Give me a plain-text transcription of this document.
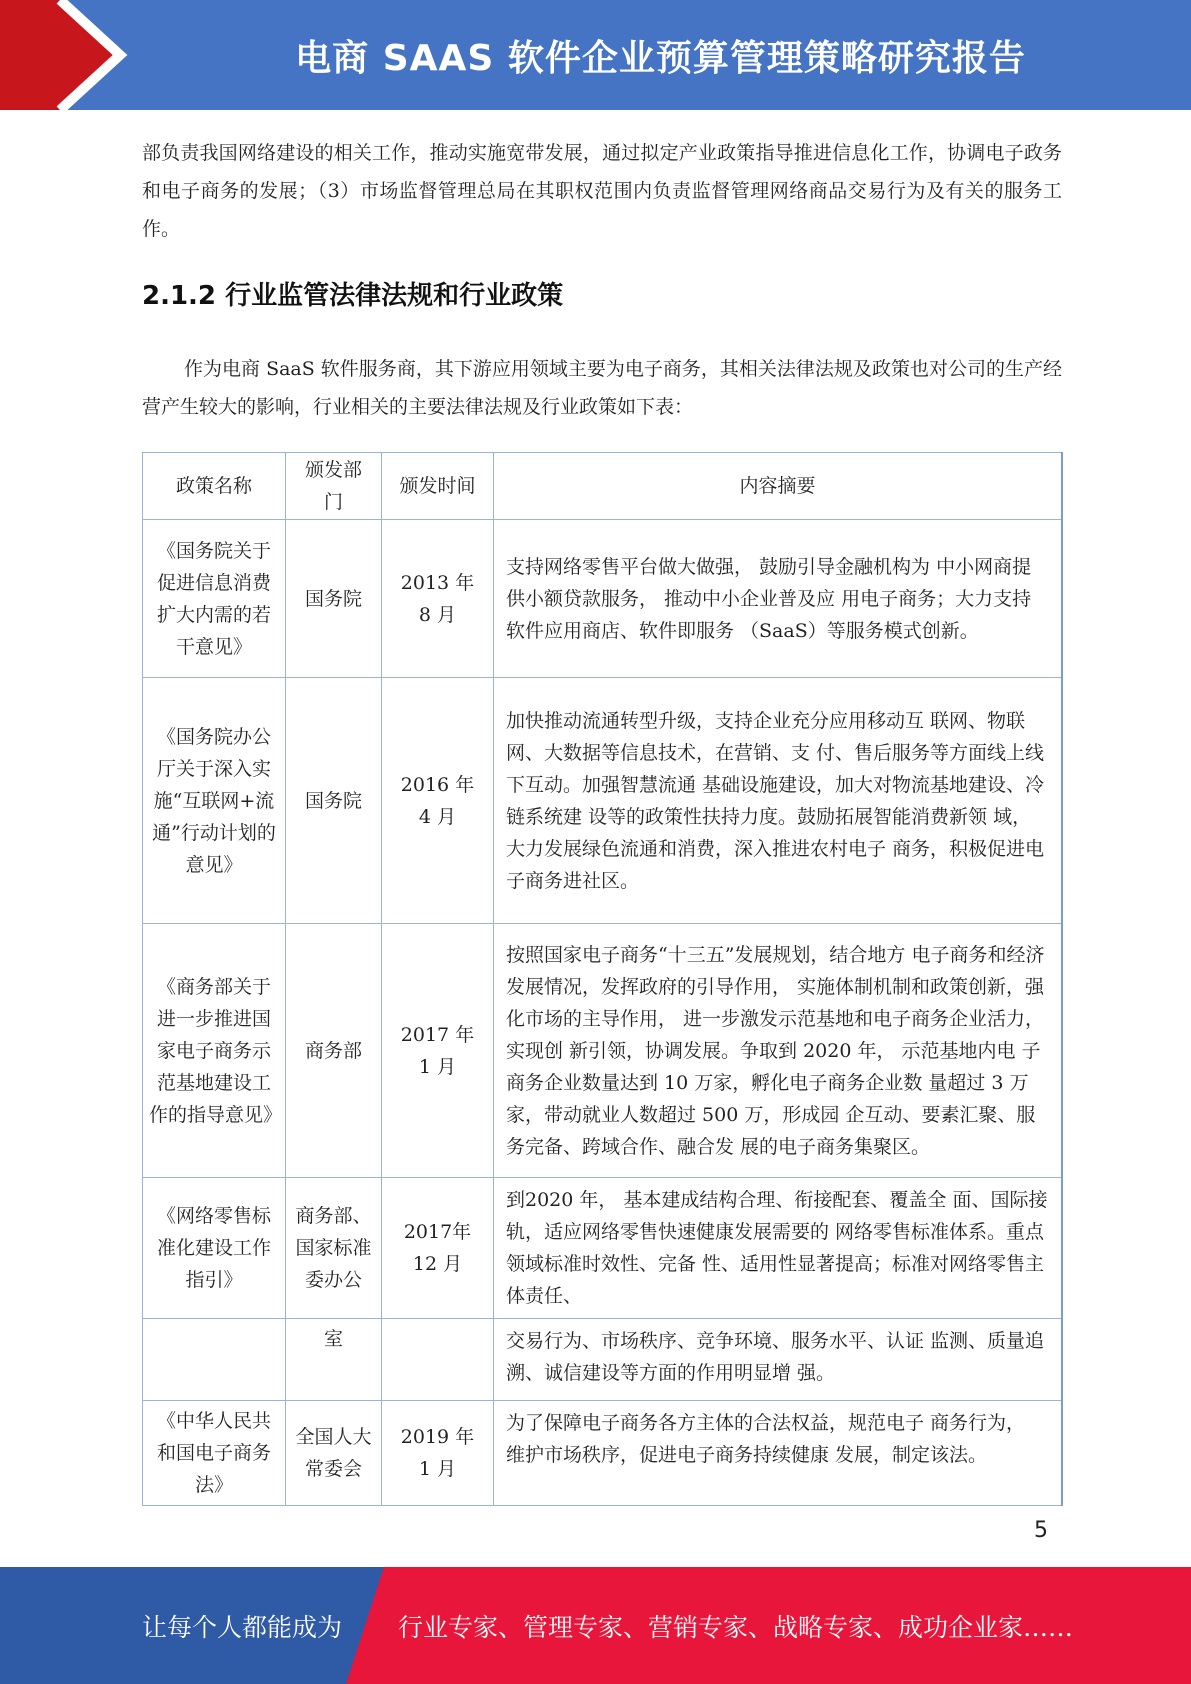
电商 SAAS 软件企业预算管理策略研究报告

部负责我国网络建设的相关工作，推动实施宽带发展，通过拟定产业政策指导推进信息化工作，协调电子政务和电子商务的发展；（3）市场监督管理总局在其职权范围内负责监督管理网络商品交易行为及有关的服务工作。

2.1.2 行业监管法律法规和行业政策

作为电商 SaaS 软件服务商，其下游应用领域主要为电子商务，其相关法律法规及政策也对公司的生产经营产生较大的影响，行业相关的主要法律法规及行业政策如下表：

政策名称	颁发部门	颁发时间	内容摘要
《国务院关于促进信息消费扩大内需的若干意见》	国务院	2013 年 8 月	支持网络零售平台做大做强， 鼓励引导金融机构为 中小网商提供小额贷款服务， 推动中小企业普及应 用电子商务；大力支持软件应用商店、软件即服务 （SaaS）等服务模式创新。
《国务院办公厅关于深入实施“互联网+流通”行动计划的意见》	国务院	2016 年 4 月	加快推动流通转型升级，支持企业充分应用移动互 联网、物联网、大数据等信息技术，在营销、支 付、售后服务等方面线上线下互动。加强智慧流通 基础设施建设，加大对物流基地建设、冷链系统建 设等的政策性扶持力度。鼓励拓展智能消费新领 域，大力发展绿色流通和消费，深入推进农村电子 商务，积极促进电子商务进社区。
《商务部关于进一步推进国家电子商务示范基地建设工作的指导意见》	商务部	2017 年 1 月	按照国家电子商务“十三五”发展规划，结合地方 电子商务和经济发展情况，发挥政府的引导作用， 实施体制机制和政策创新，强化市场的主导作用， 进一步激发示范基地和电子商务企业活力，实现创 新引领，协调发展。争取到 2020 年， 示范基地内电 子商务企业数量达到 10 万家，孵化电子商务企业数 量超过 3 万家，带动就业人数超过 500 万，形成园 企互动、要素汇聚、服务完备、跨域合作、融合发 展的电子商务集聚区。
《网络零售标准化建设工作指引》	商务部、国家标准委办公	2017年 12 月	到2020 年， 基本建成结构合理、衔接配套、覆盖全 面、国际接轨，适应网络零售快速健康发展需要的 网络零售标准体系。重点领域标准时效性、完备 性、适用性显著提高；标准对网络零售主体责任、
	室		交易行为、市场秩序、竞争环境、服务水平、认证 监测、质量追溯、诚信建设等方面的作用明显增 强。
《中华人民共和国电子商务法》	全国人大常委会	2019 年 1 月	为了保障电子商务各方主体的合法权益，规范电子 商务行为， 维护市场秩序，促进电子商务持续健康 发展，制定该法。
5
让每个人都能成为 行业专家、管理专家、营销专家、战略专家、成功企业家……
